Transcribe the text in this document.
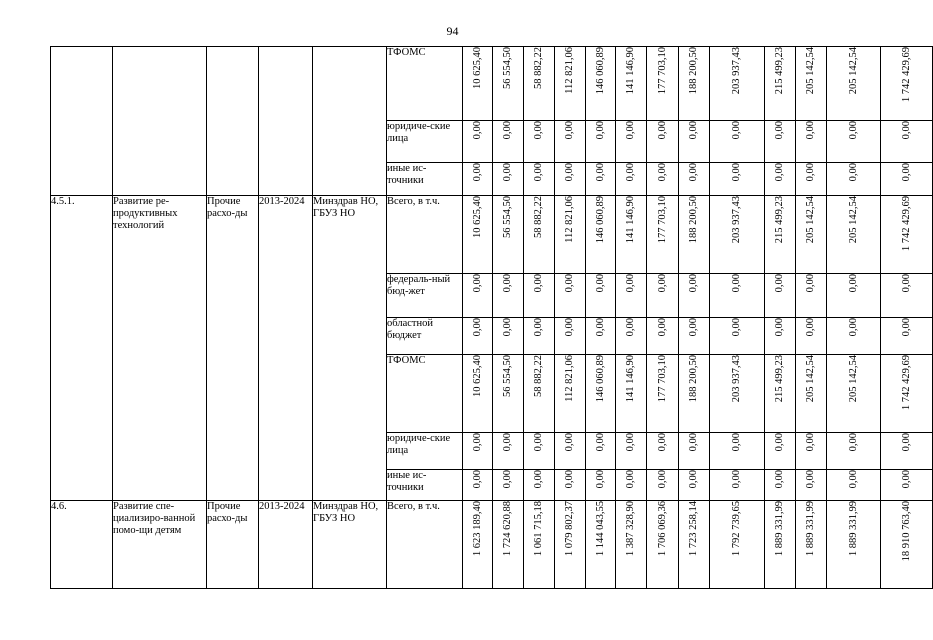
94
					ТФОМС	10 625,40	56 554,50	58 882,22	112 821,06	146 060,89	141 146,90	177 703,10	188 200,50	203 937,43	215 499,23	205 142,54	205 142,54	1 742 429,69
					юридиче-ские лица	0,00	0,00	0,00	0,00	0,00	0,00	0,00	0,00	0,00	0,00	0,00	0,00	0,00
					иные ис-точники	0,00	0,00	0,00	0,00	0,00	0,00	0,00	0,00	0,00	0,00	0,00	0,00	0,00
4.5.1.	Развитие ре-продуктивных технологий	Прочие расхо-ды	2013-2024	Минздрав НО, ГБУЗ НО	Всего, в т.ч.	10 625,40	56 554,50	58 882,22	112 821,06	146 060,89	141 146,90	177 703,10	188 200,50	203 937,43	215 499,23	205 142,54	205 142,54	1 742 429,69
					федераль-ный бюд-жет	0,00	0,00	0,00	0,00	0,00	0,00	0,00	0,00	0,00	0,00	0,00	0,00	0,00
					областной бюджет	0,00	0,00	0,00	0,00	0,00	0,00	0,00	0,00	0,00	0,00	0,00	0,00	0,00
					ТФОМС	10 625,40	56 554,50	58 882,22	112 821,06	146 060,89	141 146,90	177 703,10	188 200,50	203 937,43	215 499,23	205 142,54	205 142,54	1 742 429,69
					юридиче-ские лица	0,00	0,00	0,00	0,00	0,00	0,00	0,00	0,00	0,00	0,00	0,00	0,00	0,00
					иные ис-точники	0,00	0,00	0,00	0,00	0,00	0,00	0,00	0,00	0,00	0,00	0,00	0,00	0,00
4.6.	Развитие спе-циализиро-ванной помо-щи детям	Прочие расхо-ды	2013-2024	Минздрав НО, ГБУЗ НО	Всего, в т.ч.	1 623 189,40	1 724 620,88	1 061 715,18	1 079 802,37	1 144 043,55	1 387 328,90	1 706 069,36	1 723 258,14	1 792 739,65	1 889 331,99	1 889 331,99	1 889 331,99	18 910 763,40
